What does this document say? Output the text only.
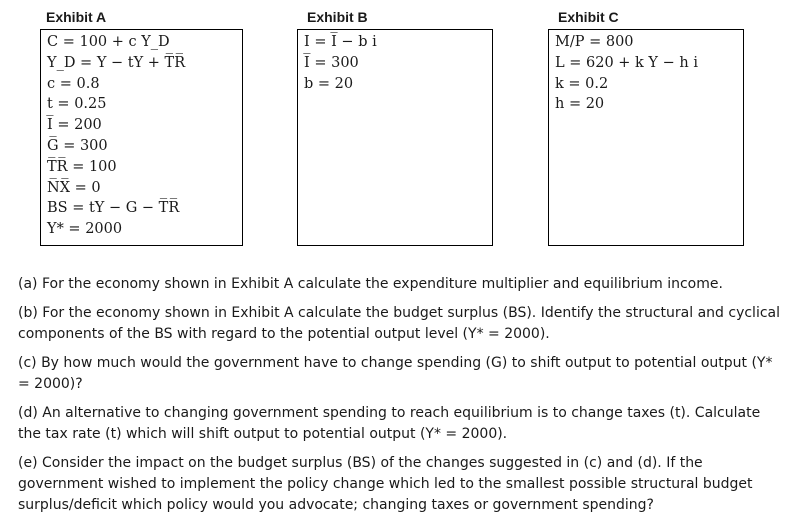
Exhibit A
C = 100 + c Y_D
Y_D = Y − tY + T̅R̅
c = 0.8
t = 0.25
I̅ = 200
G̅ = 300
T̅R̅ = 100
N̅X̅ = 0
BS = tY − G − T̅R̅
Y* = 2000
Exhibit B
I = I̅ − b i
I̅ = 300
b = 20
Exhibit C
M/P = 800
L = 620 + k Y − h i
k = 0.2
h = 20

(a) For the economy shown in Exhibit A calculate the expenditure multiplier and equilibrium income.

(b) For the economy shown in Exhibit A calculate the budget surplus (BS). Identify the structural and cyclical components of the BS with regard to the potential output level (Y* = 2000).

(c) By how much would the government have to change spending (G) to shift output to potential output (Y* = 2000)?

(d) An alternative to changing government spending to reach equilibrium is to change taxes (t). Calculate the tax rate (t) which will shift output to potential output (Y* = 2000).

(e) Consider the impact on the budget surplus (BS) of the changes suggested in (c) and (d). If the government wished to implement the policy change which led to the smallest possible structural budget surplus/deficit which policy would you advocate; changing taxes or government spending?
